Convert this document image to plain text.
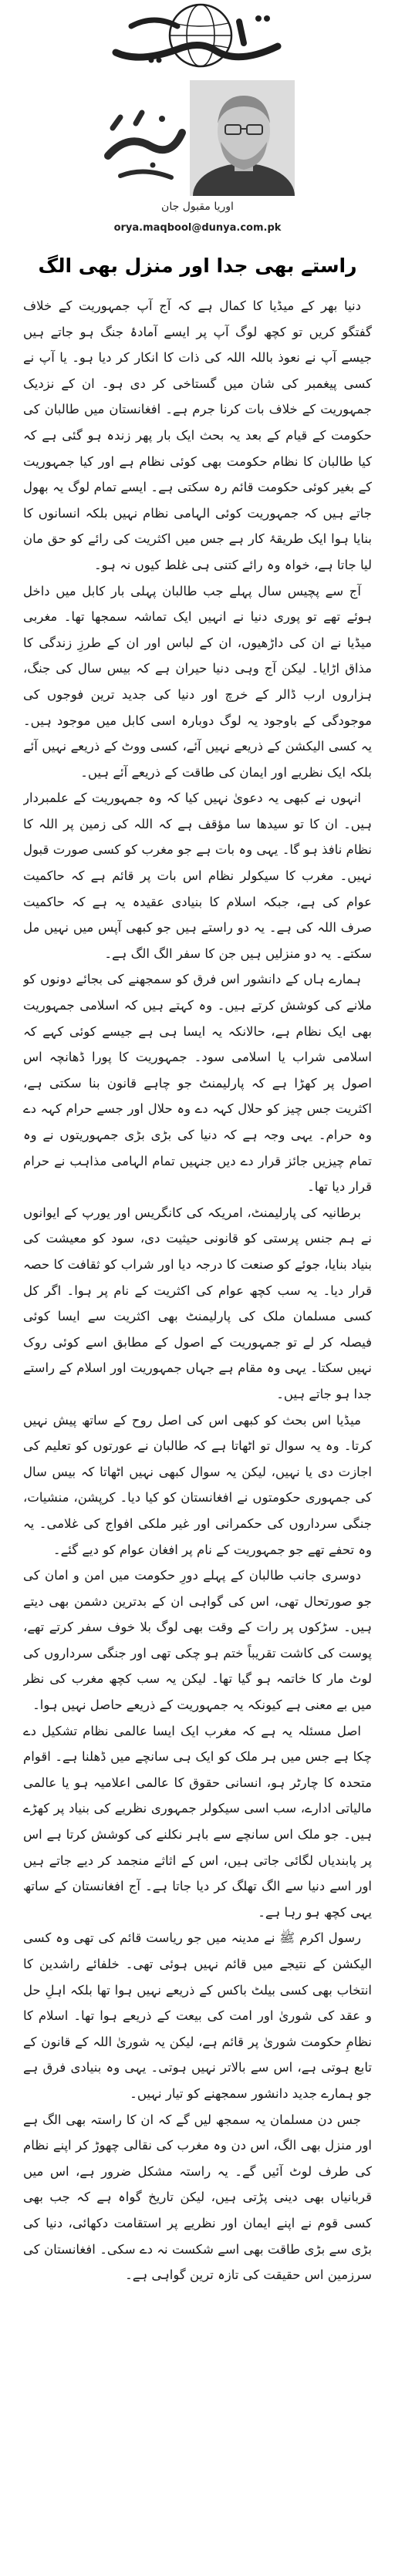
اوریا مقبول جان
orya.maqbool@dunya.com.pk
راستے بھی جدا اور منزل بھی الگ

دنیا بھر کے میڈیا کا کمال ہے کہ آج آپ جمہوریت کے خلاف گفتگو کریں تو کچھ لوگ آپ پر ایسے آمادۂ جنگ ہو جاتے ہیں جیسے آپ نے نعوذ باللہ اللہ کی ذات کا انکار کر دیا ہو۔ یا آپ نے کسی پیغمبر کی شان میں گستاخی کر دی ہو۔ ان کے نزدیک جمہوریت کے خلاف بات کرنا جرم ہے۔ افغانستان میں طالبان کی حکومت کے قیام کے بعد یہ بحث ایک بار پھر زندہ ہو گئی ہے کہ کیا طالبان کا نظام حکومت بھی کوئی نظام ہے اور کیا جمہوریت کے بغیر کوئی حکومت قائم رہ سکتی ہے۔ ایسے تمام لوگ یہ بھول جاتے ہیں کہ جمہوریت کوئی الہامی نظام نہیں بلکہ انسانوں کا بنایا ہوا ایک طریقۂ کار ہے جس میں اکثریت کی رائے کو حق مان لیا جاتا ہے، خواہ وہ رائے کتنی ہی غلط کیوں نہ ہو۔

آج سے پچیس سال پہلے جب طالبان پہلی بار کابل میں داخل ہوئے تھے تو پوری دنیا نے انہیں ایک تماشہ سمجھا تھا۔ مغربی میڈیا نے ان کی داڑھیوں، ان کے لباس اور ان کے طرزِ زندگی کا مذاق اڑایا۔ لیکن آج وہی دنیا حیران ہے کہ بیس سال کی جنگ، ہزاروں ارب ڈالر کے خرچ اور دنیا کی جدید ترین فوجوں کی موجودگی کے باوجود یہ لوگ دوبارہ اسی کابل میں موجود ہیں۔ یہ کسی الیکشن کے ذریعے نہیں آئے، کسی ووٹ کے ذریعے نہیں آئے بلکہ ایک نظریے اور ایمان کی طاقت کے ذریعے آئے ہیں۔

انہوں نے کبھی یہ دعویٰ نہیں کیا کہ وہ جمہوریت کے علمبردار ہیں۔ ان کا تو سیدھا سا مؤقف ہے کہ اللہ کی زمین پر اللہ کا نظام نافذ ہو گا۔ یہی وہ بات ہے جو مغرب کو کسی صورت قبول نہیں۔ مغرب کا سیکولر نظام اس بات پر قائم ہے کہ حاکمیت عوام کی ہے، جبکہ اسلام کا بنیادی عقیدہ یہ ہے کہ حاکمیت صرف اللہ کی ہے۔ یہ دو راستے ہیں جو کبھی آپس میں نہیں مل سکتے۔ یہ دو منزلیں ہیں جن کا سفر الگ الگ ہے۔

ہمارے ہاں کے دانشور اس فرق کو سمجھنے کی بجائے دونوں کو ملانے کی کوشش کرتے ہیں۔ وہ کہتے ہیں کہ اسلامی جمہوریت بھی ایک نظام ہے، حالانکہ یہ ایسا ہی ہے جیسے کوئی کہے کہ اسلامی شراب یا اسلامی سود۔ جمہوریت کا پورا ڈھانچہ اس اصول پر کھڑا ہے کہ پارلیمنٹ جو چاہے قانون بنا سکتی ہے، اکثریت جس چیز کو حلال کہہ دے وہ حلال اور جسے حرام کہہ دے وہ حرام۔ یہی وجہ ہے کہ دنیا کی بڑی بڑی جمہوریتوں نے وہ تمام چیزیں جائز قرار دے دیں جنہیں تمام الہامی مذاہب نے حرام قرار دیا تھا۔

برطانیہ کی پارلیمنٹ، امریکہ کی کانگریس اور یورپ کے ایوانوں نے ہم جنس پرستی کو قانونی حیثیت دی، سود کو معیشت کی بنیاد بنایا، جوئے کو صنعت کا درجہ دیا اور شراب کو ثقافت کا حصہ قرار دیا۔ یہ سب کچھ عوام کی اکثریت کے نام پر ہوا۔ اگر کل کسی مسلمان ملک کی پارلیمنٹ بھی اکثریت سے ایسا کوئی فیصلہ کر لے تو جمہوریت کے اصول کے مطابق اسے کوئی روک نہیں سکتا۔ یہی وہ مقام ہے جہاں جمہوریت اور اسلام کے راستے جدا ہو جاتے ہیں۔

میڈیا اس بحث کو کبھی اس کی اصل روح کے ساتھ پیش نہیں کرتا۔ وہ یہ سوال تو اٹھاتا ہے کہ طالبان نے عورتوں کو تعلیم کی اجازت دی یا نہیں، لیکن یہ سوال کبھی نہیں اٹھاتا کہ بیس سال کی جمہوری حکومتوں نے افغانستان کو کیا دیا۔ کرپشن، منشیات، جنگی سرداروں کی حکمرانی اور غیر ملکی افواج کی غلامی۔ یہ وہ تحفے تھے جو جمہوریت کے نام پر افغان عوام کو دیے گئے۔

دوسری جانب طالبان کے پہلے دورِ حکومت میں امن و امان کی جو صورتحال تھی، اس کی گواہی ان کے بدترین دشمن بھی دیتے ہیں۔ سڑکوں پر رات کے وقت بھی لوگ بلا خوف سفر کرتے تھے، پوست کی کاشت تقریباً ختم ہو چکی تھی اور جنگی سرداروں کی لوٹ مار کا خاتمہ ہو گیا تھا۔ لیکن یہ سب کچھ مغرب کی نظر میں بے معنی ہے کیونکہ یہ جمہوریت کے ذریعے حاصل نہیں ہوا۔

اصل مسئلہ یہ ہے کہ مغرب ایک ایسا عالمی نظام تشکیل دے چکا ہے جس میں ہر ملک کو ایک ہی سانچے میں ڈھلنا ہے۔ اقوام متحدہ کا چارٹر ہو، انسانی حقوق کا عالمی اعلامیہ ہو یا عالمی مالیاتی ادارے، سب اسی سیکولر جمہوری نظریے کی بنیاد پر کھڑے ہیں۔ جو ملک اس سانچے سے باہر نکلنے کی کوشش کرتا ہے اس پر پابندیاں لگائی جاتی ہیں، اس کے اثاثے منجمد کر دیے جاتے ہیں اور اسے دنیا سے الگ تھلگ کر دیا جاتا ہے۔ آج افغانستان کے ساتھ یہی کچھ ہو رہا ہے۔

رسول اکرم ﷺ نے مدینہ میں جو ریاست قائم کی تھی وہ کسی الیکشن کے نتیجے میں قائم نہیں ہوئی تھی۔ خلفائے راشدین کا انتخاب بھی کسی بیلٹ باکس کے ذریعے نہیں ہوا تھا بلکہ اہلِ حل و عقد کی شوریٰ اور امت کی بیعت کے ذریعے ہوا تھا۔ اسلام کا نظامِ حکومت شوریٰ پر قائم ہے، لیکن یہ شوریٰ اللہ کے قانون کے تابع ہوتی ہے، اس سے بالاتر نہیں ہوتی۔ یہی وہ بنیادی فرق ہے جو ہمارے جدید دانشور سمجھنے کو تیار نہیں۔

جس دن مسلمان یہ سمجھ لیں گے کہ ان کا راستہ بھی الگ ہے اور منزل بھی الگ، اس دن وہ مغرب کی نقالی چھوڑ کر اپنے نظام کی طرف لوٹ آئیں گے۔ یہ راستہ مشکل ضرور ہے، اس میں قربانیاں بھی دینی پڑتی ہیں، لیکن تاریخ گواہ ہے کہ جب بھی کسی قوم نے اپنے ایمان اور نظریے پر استقامت دکھائی، دنیا کی بڑی سے بڑی طاقت بھی اسے شکست نہ دے سکی۔ افغانستان کی سرزمین اس حقیقت کی تازہ ترین گواہی ہے۔
